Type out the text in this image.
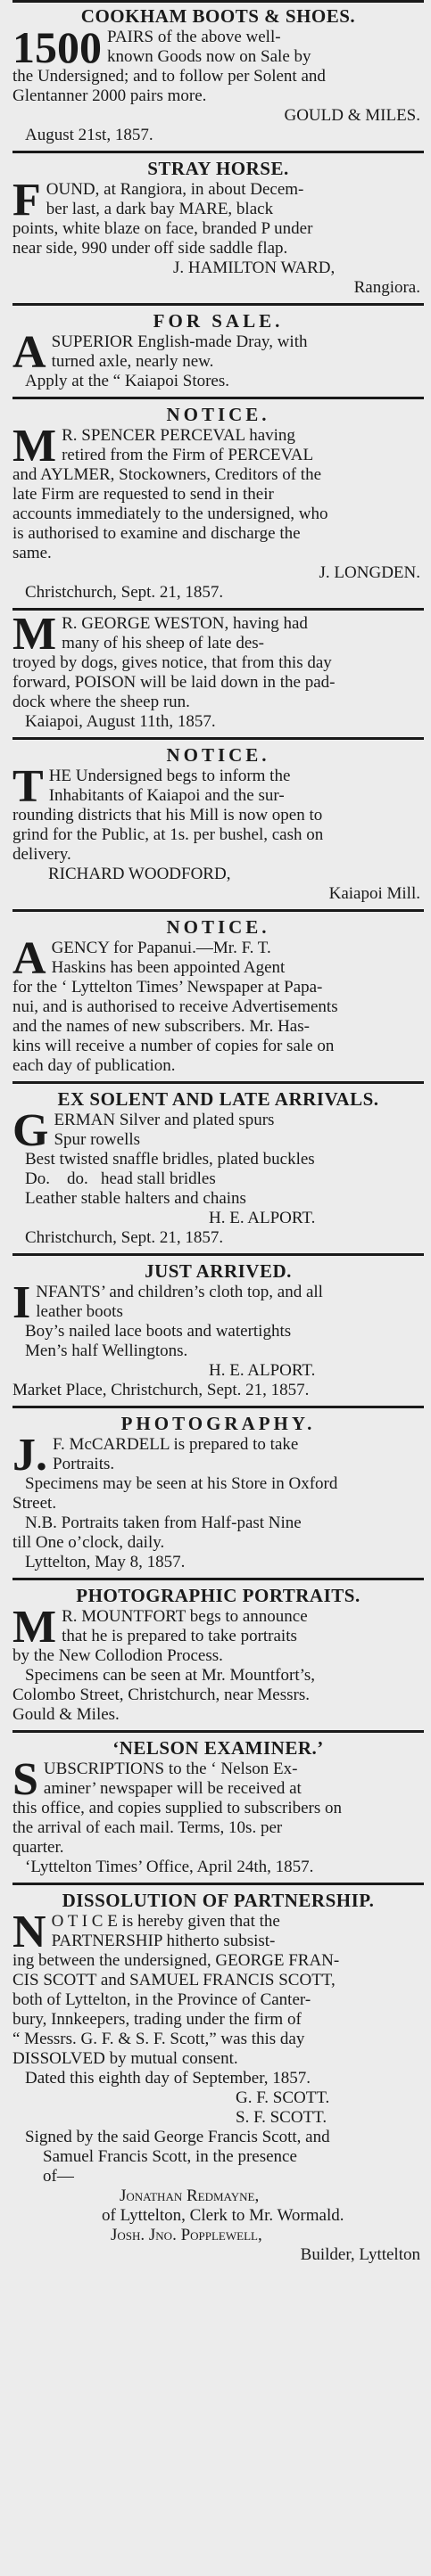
COOKHAM BOOTS & SHOES.
1500 PAIRS of the above well-
known Goods now on Sale by
the Undersigned; and to follow per Solent and
Glentanner 2000 pairs more.
GOULD & MILES.
August 21st, 1857.
STRAY HORSE.
F OUND, at Rangiora, in about Decem-
ber last, a dark bay MARE, black
points, white blaze on face, branded P under
near side, 990 under off side saddle flap.
J. HAMILTON WARD,
Rangiora.
FOR SALE.
A SUPERIOR English-made Dray, with
turned axle, nearly new.
Apply at the “ Kaiapoi Stores.
NOTICE.
M R. SPENCER PERCEVAL having
retired from the Firm of PERCEVAL
and AYLMER, Stockowners, Creditors of the
late Firm are requested to send in their
accounts immediately to the undersigned, who
is authorised to examine and discharge the
same.
J. LONGDEN.
Christchurch, Sept. 21, 1857.
M R. GEORGE WESTON, having had
many of his sheep of late des-
troyed by dogs, gives notice, that from this day
forward, POISON will be laid down in the pad-
dock where the sheep run.
Kaiapoi, August 11th, 1857.
NOTICE.
T HE Undersigned begs to inform the
Inhabitants of Kaiapoi and the sur-
rounding districts that his Mill is now open to
grind for the Public, at 1s. per bushel, cash on
delivery.
RICHARD WOODFORD,
Kaiapoi Mill.
NOTICE.
A GENCY for Papanui.—Mr. F. T.
Haskins has been appointed Agent
for the ‘ Lyttelton Times’ Newspaper at Papa-
nui, and is authorised to receive Advertisements
and the names of new subscribers. Mr. Has-
kins will receive a number of copies for sale on
each day of publication.
EX SOLENT AND LATE ARRIVALS.
G ERMAN Silver and plated spurs
Spur rowells
Best twisted snaffle bridles, plated buckles
Do.    do.   head stall bridles
Leather stable halters and chains
H. E. ALPORT.
Christchurch, Sept. 21, 1857.
JUST ARRIVED.
I NFANTS’ and children’s cloth top, and all
leather boots
Boy’s nailed lace boots and watertights
Men’s half Wellingtons.
H. E. ALPORT.
Market Place, Christchurch, Sept. 21, 1857.
PHOTOGRAPHY.
J. F. McCARDELL is prepared to take
Portraits.
Specimens may be seen at his Store in Oxford
Street.
N.B. Portraits taken from Half-past Nine
till One o’clock, daily.
Lyttelton, May 8, 1857.
PHOTOGRAPHIC PORTRAITS.
M R. MOUNTFORT begs to announce
that he is prepared to take portraits
by the New Collodion Process.
Specimens can be seen at Mr. Mountfort’s,
Colombo Street, Christchurch, near Messrs.
Gould & Miles.
‘NELSON EXAMINER.’
S UBSCRIPTIONS to the ‘ Nelson Ex-
aminer’ newspaper will be received at
this office, and copies supplied to subscribers on
the arrival of each mail. Terms, 10s. per
quarter.
‘Lyttelton Times’ Office, April 24th, 1857.
DISSOLUTION OF PARTNERSHIP.
N O T I C E is hereby given that the
PARTNERSHIP hitherto subsist-
ing between the undersigned, GEORGE FRAN-
CIS SCOTT and SAMUEL FRANCIS SCOTT,
both of Lyttelton, in the Province of Canter-
bury, Innkeepers, trading under the firm of
“ Messrs. G. F. & S. F. Scott,” was this day
DISSOLVED by mutual consent.
Dated this eighth day of September, 1857.
G. F. SCOTT.
S. F. SCOTT.
Signed by the said George Francis Scott, and
Samuel Francis Scott, in the presence
of—
Jonathan Redmayne,
of Lyttelton, Clerk to Mr. Wormald.
Josh. Jno. Popplewell,
Builder, Lyttelton
